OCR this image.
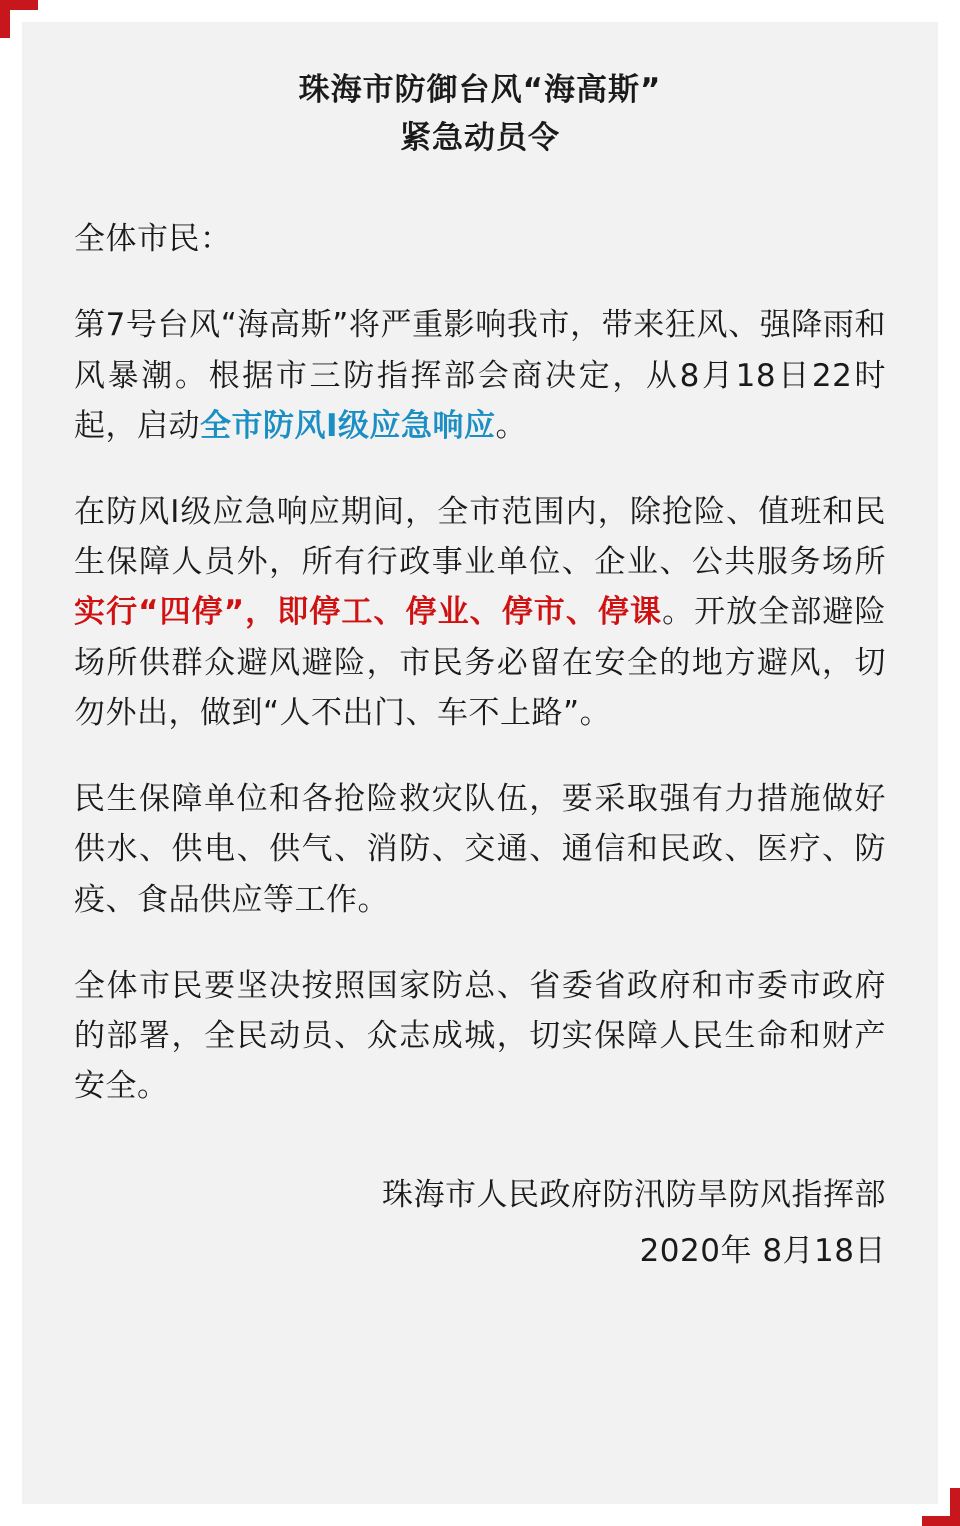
珠海市防御台风“海高斯”
紧急动员令

全体市民：

第7号台风“海高斯”将严重影响我市，带来狂风、强降雨和风暴潮。根据市三防指挥部会商决定，从8月18日22时起，启动全市防风I级应急响应。

在防风I级应急响应期间，全市范围内，除抢险、值班和民生保障人员外，所有行政事业单位、企业、公共服务场所实行“四停”，即停工、停业、停市、停课。开放全部避险场所供群众避风避险，市民务必留在安全的地方避风，切勿外出，做到“人不出门、车不上路”。

民生保障单位和各抢险救灾队伍，要采取强有力措施做好供水、供电、供气、消防、交通、通信和民政、医疗、防疫、食品供应等工作。

全体市民要坚决按照国家防总、省委省政府和市委市政府的部署，全民动员、众志成城，切实保障人民生命和财产安全。

珠海市人民政府防汛防旱防风指挥部
2020年 8月18日
